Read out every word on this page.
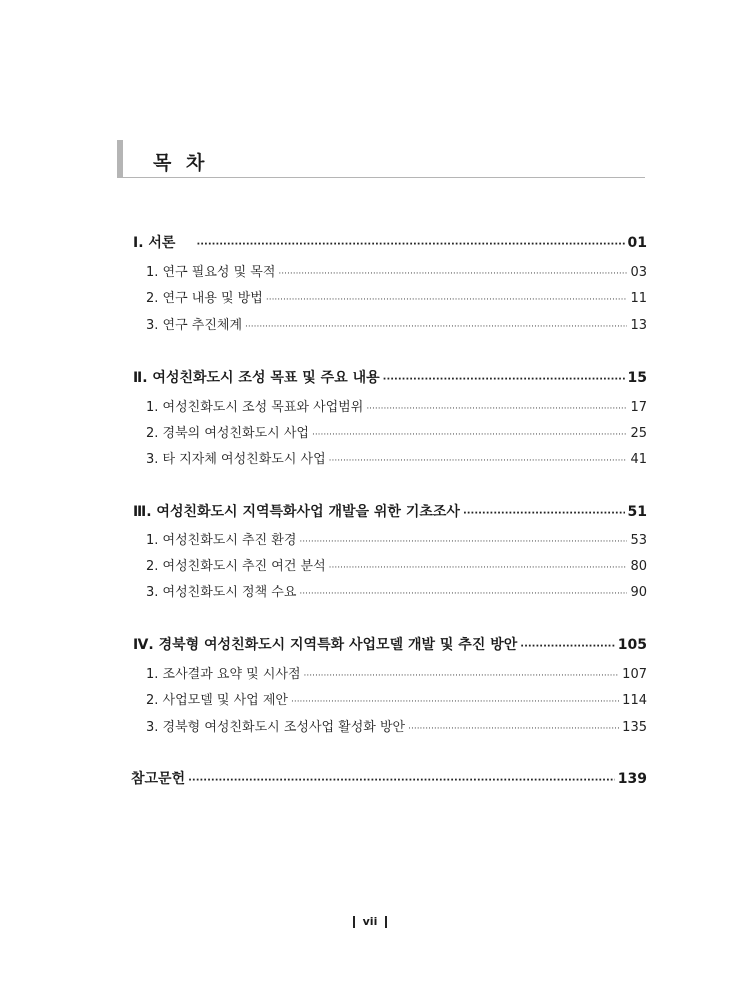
목 차
Ⅰ. 서론 ·····	01
1. 연구 필요성 및 목적 ·····	03
2. 연구 내용 및 방법 ·····	11
3. 연구 추진체계 ·····	13
Ⅱ. 여성친화도시 조성 목표 및 주요 내용 ·····	15
1. 여성친화도시 조성 목표와 사업범위 ·····	17
2. 경북의 여성친화도시 사업 ·····	25
3. 타 지자체 여성친화도시 사업 ·····	41
Ⅲ. 여성친화도시 지역특화사업 개발을 위한 기초조사 ·····	51
1. 여성친화도시 추진 환경 ·····	53
2. 여성친화도시 추진 여건 분석 ·····	80
3. 여성친화도시 정책 수요 ·····	90
Ⅳ. 경북형 여성친화도시 지역특화 사업모델 개발 및 추진 방안 ·····	105
1. 조사결과 요약 및 시사점 ·····	107
2. 사업모델 및 사업 제안 ·····	114
3. 경북형 여성친화도시 조성사업 활성화 방안 ·····	135
참고문헌 ·····	139
vii
